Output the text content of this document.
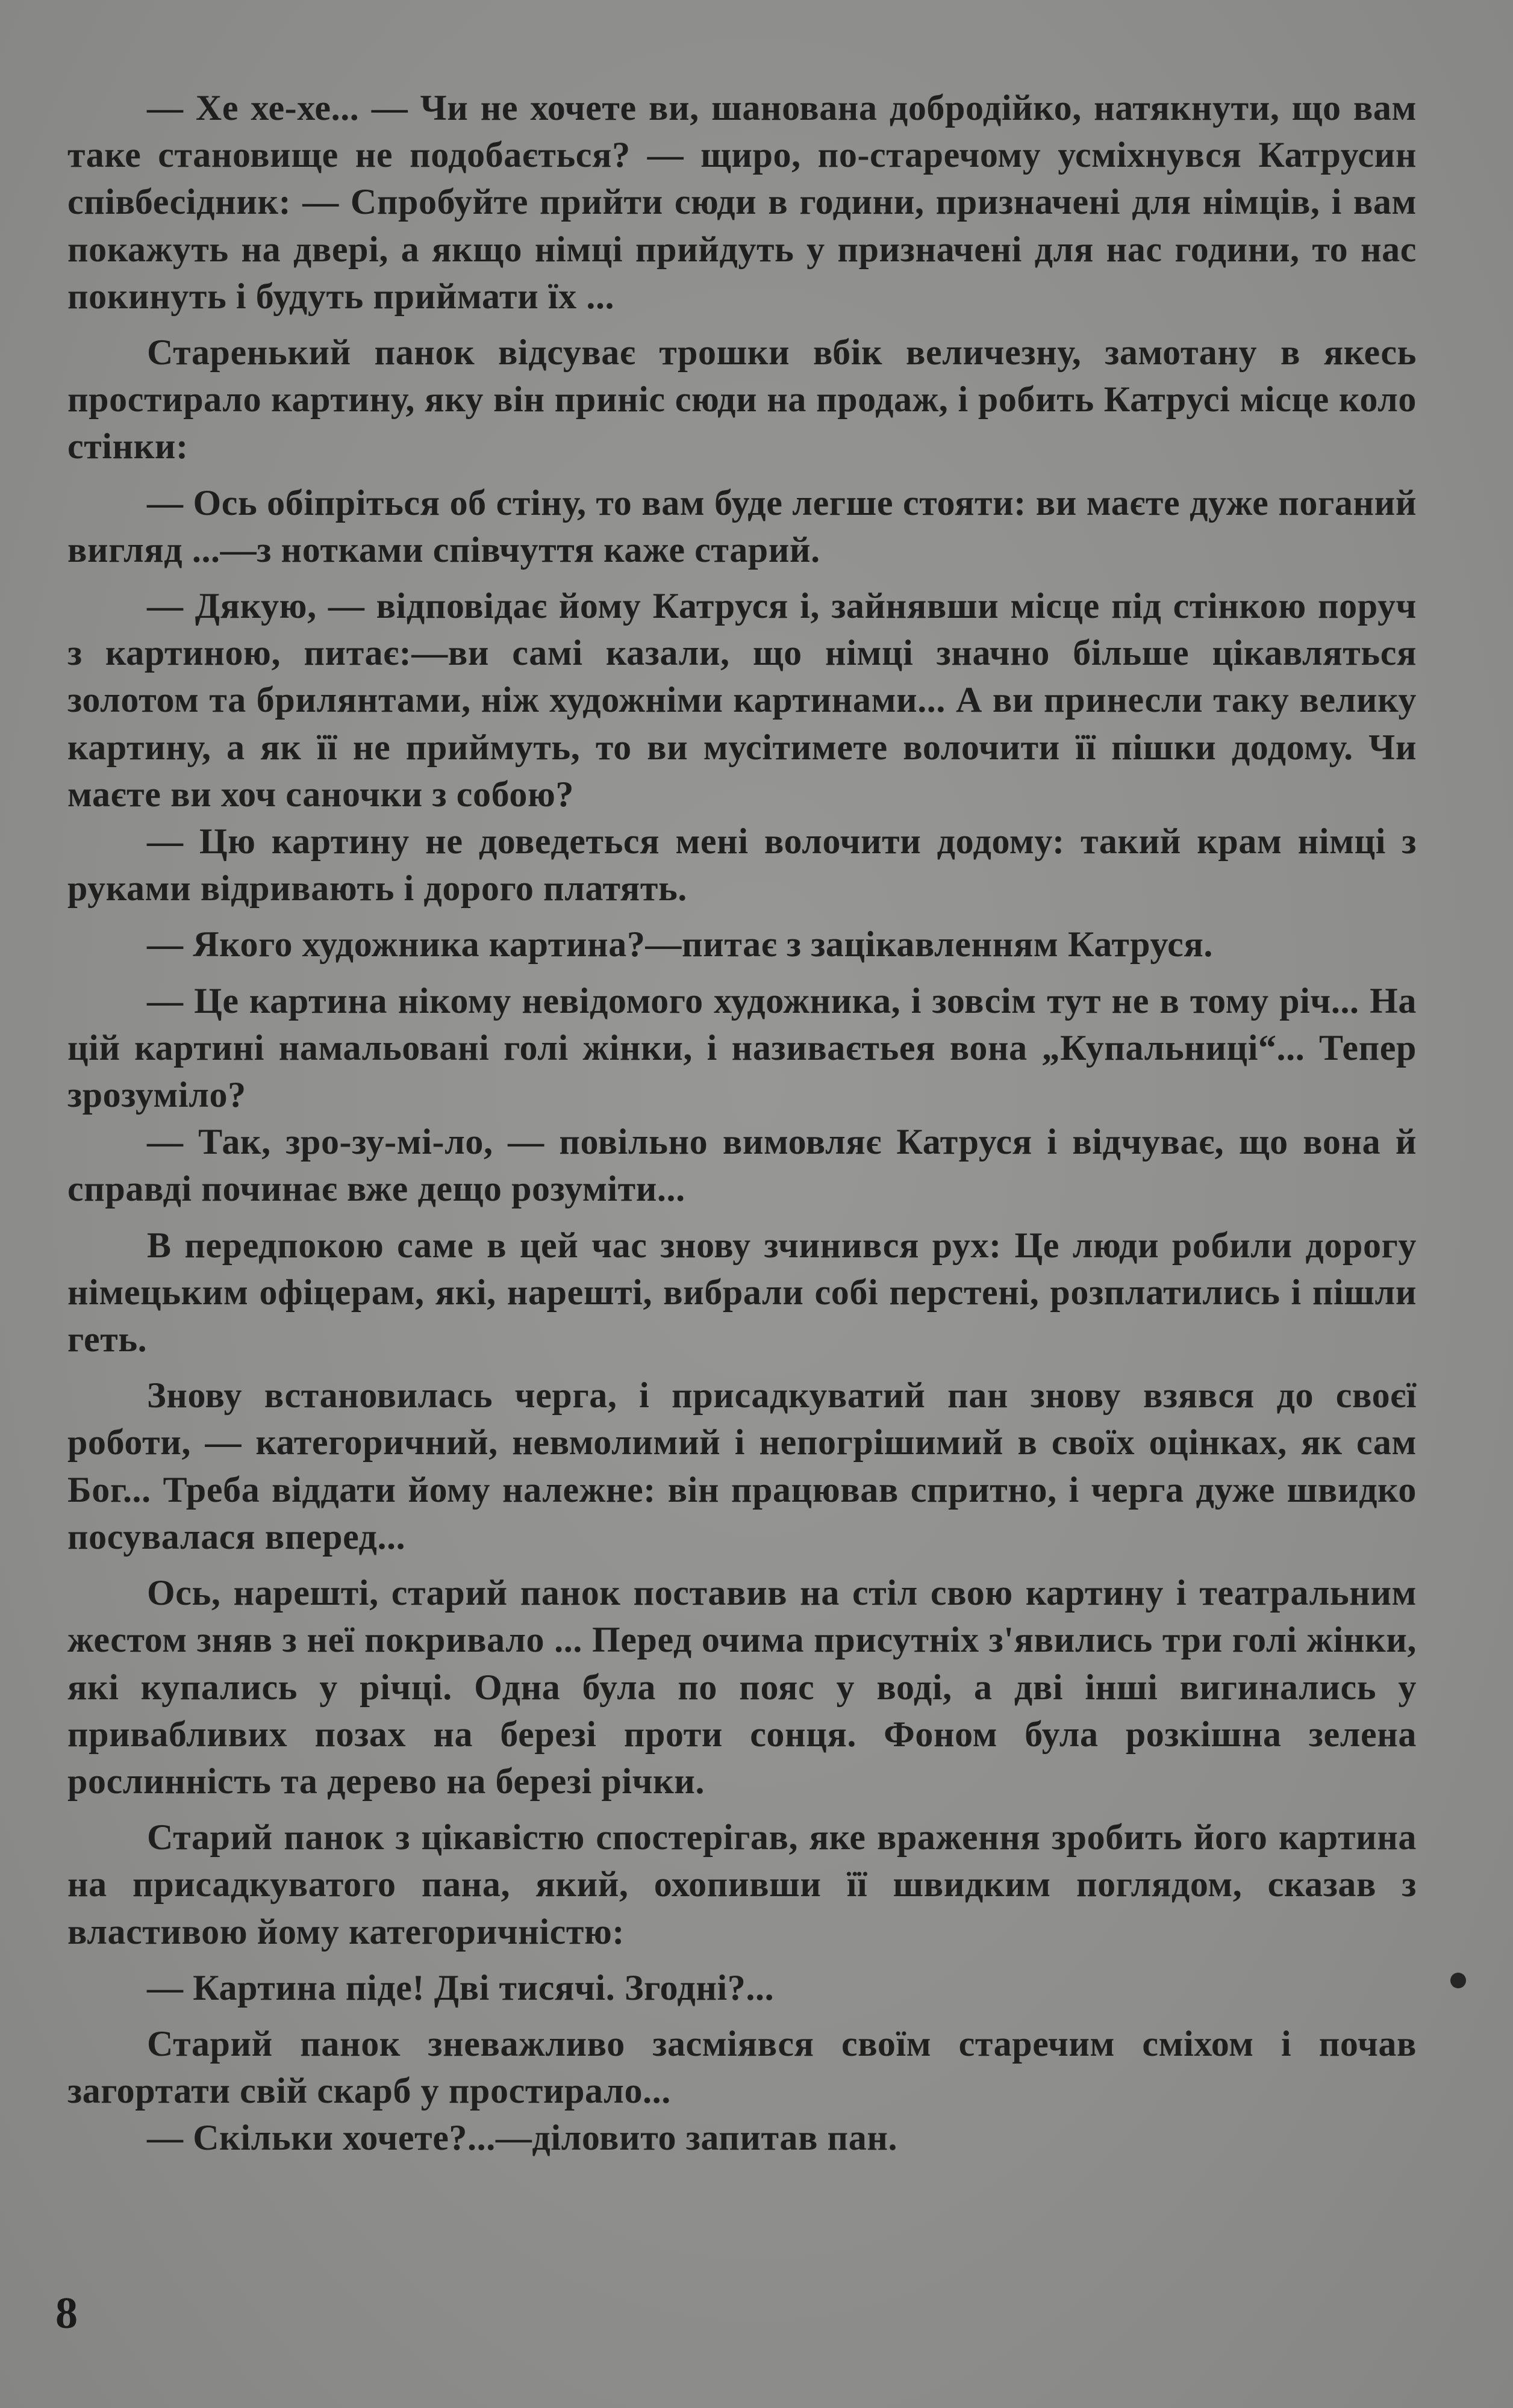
— Хе хе-хе... — Чи не хочете ви, шанована добродійко, натякнути, що вам таке становище не подобається? — щиро, по-старечому усміхнувся Катрусин співбесідник: — Спробуйте прийти сюди в години, призначені для німців, і вам покажуть на двері, а якщо німці прийдуть у призначені для нас години, то нас покинуть і будуть приймати їх ...

Старенький панок відсуває трошки вбік величезну, замотану в якесь простирало картину, яку він приніс сюди на продаж, і робить Катрусі місце коло стінки:

— Ось обіпріться об стіну, то вам буде легше стояти: ви маєте дуже поганий вигляд ...—з нотками співчуття каже старий.

— Дякую, — відповідає йому Катруся і, зайнявши місце під стінкою поруч з картиною, питає:—ви самі казали, що німці значно більше цікавляться золотом та брилянтами, ніж художніми картинами... А ви принесли таку велику картину, а як її не приймуть, то ви мусітимете волочити її пішки додому. Чи маєте ви хоч саночки з собою?

— Цю картину не доведеться мені волочити додому: такий крам німці з руками відривають і дорого платять.

— Якого художника картина?—питає з зацікавленням Катруся.

— Це картина нікому невідомого художника, і зовсім тут не в тому річ... На цій картині намальовані голі жінки, і називаєтьея вона „Купальниці“... Тепер зрозуміло?

— Так, зро-зу-мі-ло, — повільно вимовляє Катруся і відчуває, що вона й справді починає вже дещо розуміти...

В передпокою саме в цей час знову зчинився рух: Це люди робили дорогу німецьким офіцерам, які, нарешті, вибрали собі перстені, розплатились і пішли геть.

Знову встановилась черга, і присадкуватий пан знову взявся до своєї роботи, — категоричний, невмолимий і непогрішимий в своїх оцінках, як сам Бог... Треба віддати йому належне: він працював спритно, і черга дуже швидко посувалася вперед...

Ось, нарешті, старий панок поставив на стіл свою картину і театральним жестом зняв з неї покривало ... Перед очима присутніх з'явились три голі жінки, які купались у річці. Одна була по пояс у воді, а дві інші вигинались у привабливих позах на березі проти сонця. Фоном була розкішна зелена рослинність та дерево на березі річки.

Старий панок з цікавістю спостерігав, яке враження зробить його картина на присадкуватого пана, який, охопивши її швидким поглядом, сказав з властивою йому категоричністю:

— Картина піде! Дві тисячі. Згодні?...

Старий панок зневажливо засміявся своїм старечим сміхом і почав загортати свій скарб у простирало...

— Скільки хочете?...—діловито запитав пан.

8
